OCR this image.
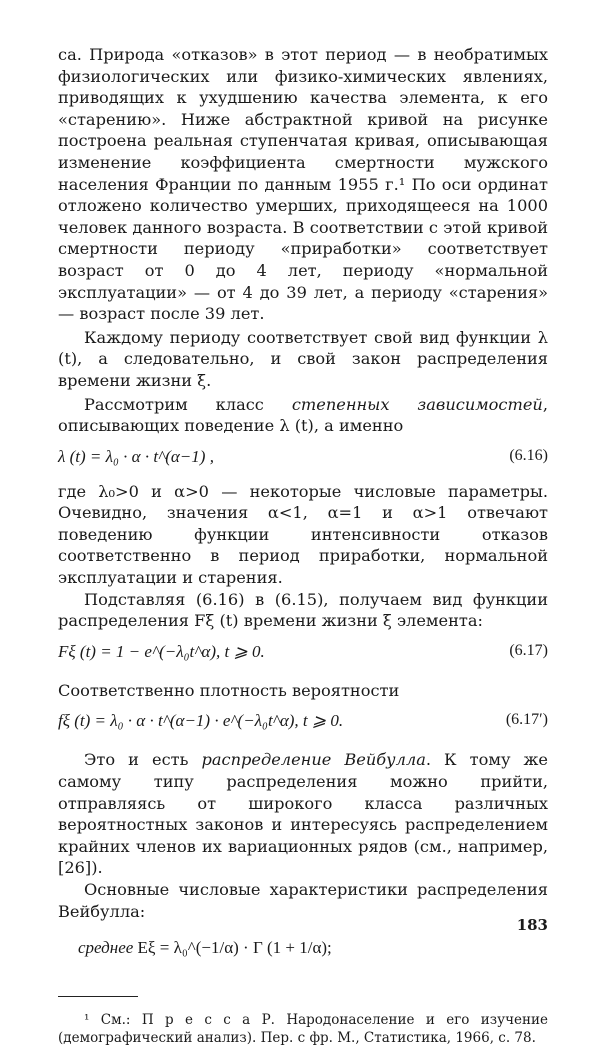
ca. Природа «отказов» в этот период — в необратимых физиологических или физико-химических явлениях, приводящих к ухудшению качества элемента, к его «старению». Ниже абстрактной кривой на рисунке построена реальная ступенчатая кривая, описывающая изменение коэффициента смертности мужского населения Франции по данным 1955 г.¹ По оси ординат отложено количество умерших, приходящееся на 1000 человек данного возраста. В соответствии с этой кривой смертности периоду «приработки» соответствует возраст от 0 до 4 лет, периоду «нормальной эксплуатации» — от 4 до 39 лет, а периоду «старения» — возраст после 39 лет.

Каждому периоду соответствует свой вид функции λ (t), а следовательно, и свой закон распределения времени жизни ξ.

Рассмотрим класс степенных зависимостей, описывающих поведение λ (t), а именно

λ (t) = λ₀ · α · t^(α−1) ,	(6.16)

где λ₀>0 и α>0 — некоторые числовые параметры. Очевидно, значения α<1, α=1 и α>1 отвечают поведению функции интенсивности отказов соответственно в период приработки, нормальной эксплуатации и старения.

Подставляя (6.16) в (6.15), получаем вид функции распределения Fξ (t) времени жизни ξ элемента:

Fξ (t) = 1 − e^(−λ₀t^α), t ⩾ 0.	(6.17)

Соответственно плотность вероятности

fξ (t) = λ₀ · α · t^(α−1) · e^(−λ₀t^α), t ⩾ 0.	(6.17′)

Это и есть распределение Вейбулла. К тому же самому типу распределения можно прийти, отправляясь от широкого класса различных вероятностных законов и интересуясь распределением крайних членов их вариационных рядов (см., например, [26]).

Основные числовые характеристики распределения Вейбулла:

среднее Eξ = λ₀^(−1/α) · Γ (1 + 1/α);

¹ См.: П р е с с а Р. Народонаселение и его изучение (демографический анализ). Пер. с фр. М., Статистика, 1966, с. 78.

183
